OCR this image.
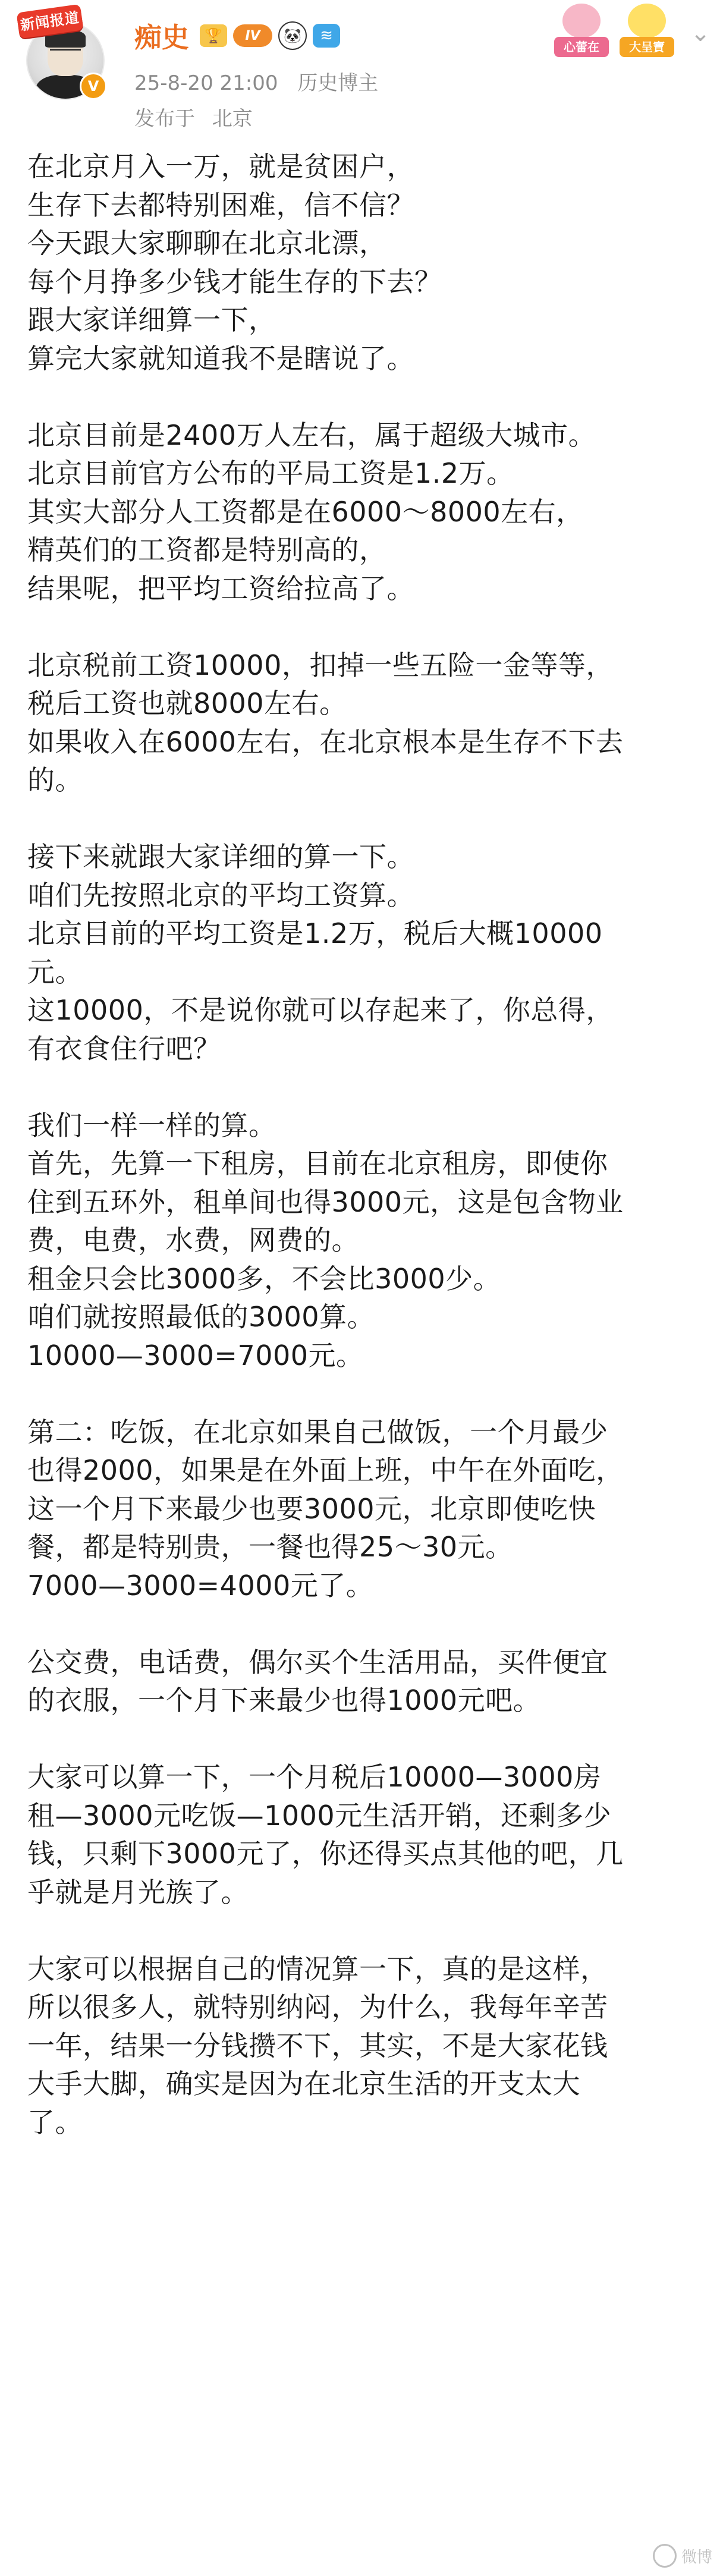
新闻报道
V
痴史	🏆	IV	🐼	≋
25-8-20 21:00 历史博主
发布于 北京
心蕾在	大呈寶	⌄
在北京月入一万，就是贫困户，
生存下去都特别困难，信不信？
今天跟大家聊聊在北京北漂，
每个月挣多少钱才能生存的下去？
跟大家详细算一下，
算完大家就知道我不是瞎说了。
北京目前是2400万人左右，属于超级大城市。
北京目前官方公布的平局工资是1.2万。
其实大部分人工资都是在6000～8000左右，
精英们的工资都是特别高的，
结果呢，把平均工资给拉高了。
北京税前工资10000，扣掉一些五险一金等等，
税后工资也就8000左右。
如果收入在6000左右，在北京根本是生存不下去
的。
接下来就跟大家详细的算一下。
咱们先按照北京的平均工资算。
北京目前的平均工资是1.2万，税后大概10000
元。
这10000，不是说你就可以存起来了，你总得，
有衣食住行吧？
我们一样一样的算。
首先，先算一下租房，目前在北京租房，即使你
住到五环外，租单间也得3000元，这是包含物业
费，电费，水费，网费的。
租金只会比3000多，不会比3000少。
咱们就按照最低的3000算。
10000—3000=7000元。
第二：吃饭，在北京如果自己做饭，一个月最少
也得2000，如果是在外面上班，中午在外面吃，
这一个月下来最少也要3000元，北京即使吃快
餐，都是特别贵，一餐也得25～30元。
7000—3000=4000元了。
公交费，电话费，偶尔买个生活用品，买件便宜
的衣服，一个月下来最少也得1000元吧。
大家可以算一下，一个月税后10000—3000房
租—3000元吃饭—1000元生活开销，还剩多少
钱，只剩下3000元了，你还得买点其他的吧，几
乎就是月光族了。
大家可以根据自己的情况算一下，真的是这样，
所以很多人，就特别纳闷，为什么，我每年辛苦
一年，结果一分钱攒不下，其实，不是大家花钱
大手大脚，确实是因为在北京生活的开支太大
了。
微博
